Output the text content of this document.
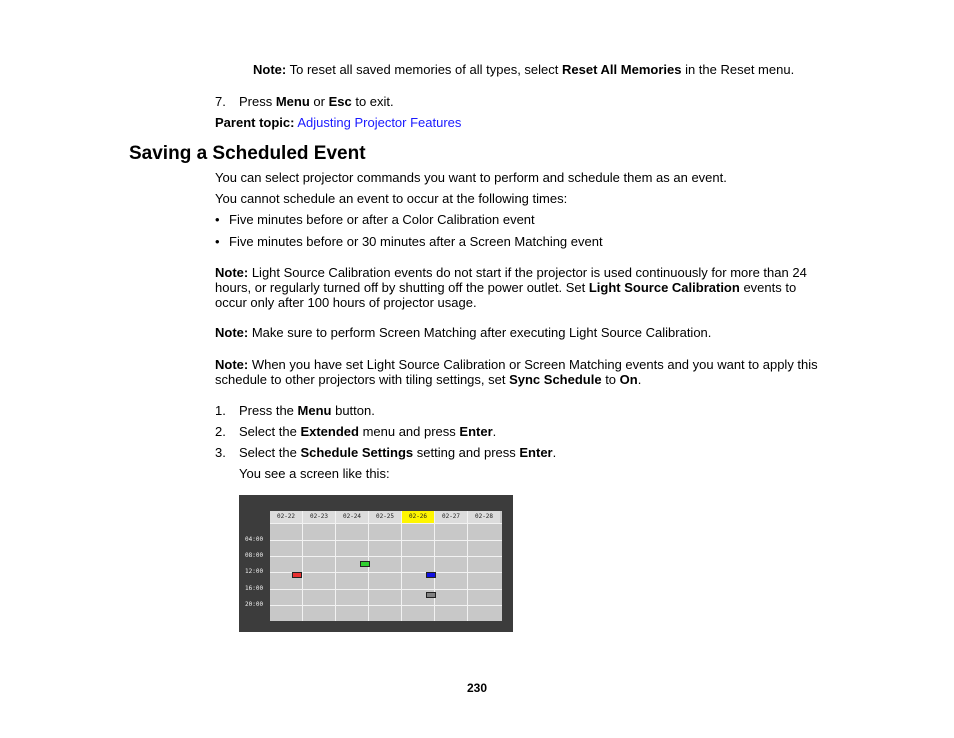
Note: To reset all saved memories of all types, select Reset All Memories in the Reset menu.
7. Press Menu or Esc to exit.
Parent topic: Adjusting Projector Features
Saving a Scheduled Event
You can select projector commands you want to perform and schedule them as an event.
You cannot schedule an event to occur at the following times:
• Five minutes before or after a Color Calibration event
• Five minutes before or 30 minutes after a Screen Matching event
Note: Light Source Calibration events do not start if the projector is used continuously for more than 24 hours, or regularly turned off by shutting off the power outlet. Set Light Source Calibration events to occur only after 100 hours of projector usage.
Note: Make sure to perform Screen Matching after executing Light Source Calibration.
Note: When you have set Light Source Calibration or Screen Matching events and you want to apply this schedule to other projectors with tiling settings, set Sync Schedule to On.
1. Press the Menu button.
2. Select the Extended menu and press Enter.
3. Select the Schedule Settings setting and press Enter.
You see a screen like this:
04:00
08:00
12:00
16:00
20:00
02-22	02-23	02-24	02-25	02-26	02-27	02-28
230
